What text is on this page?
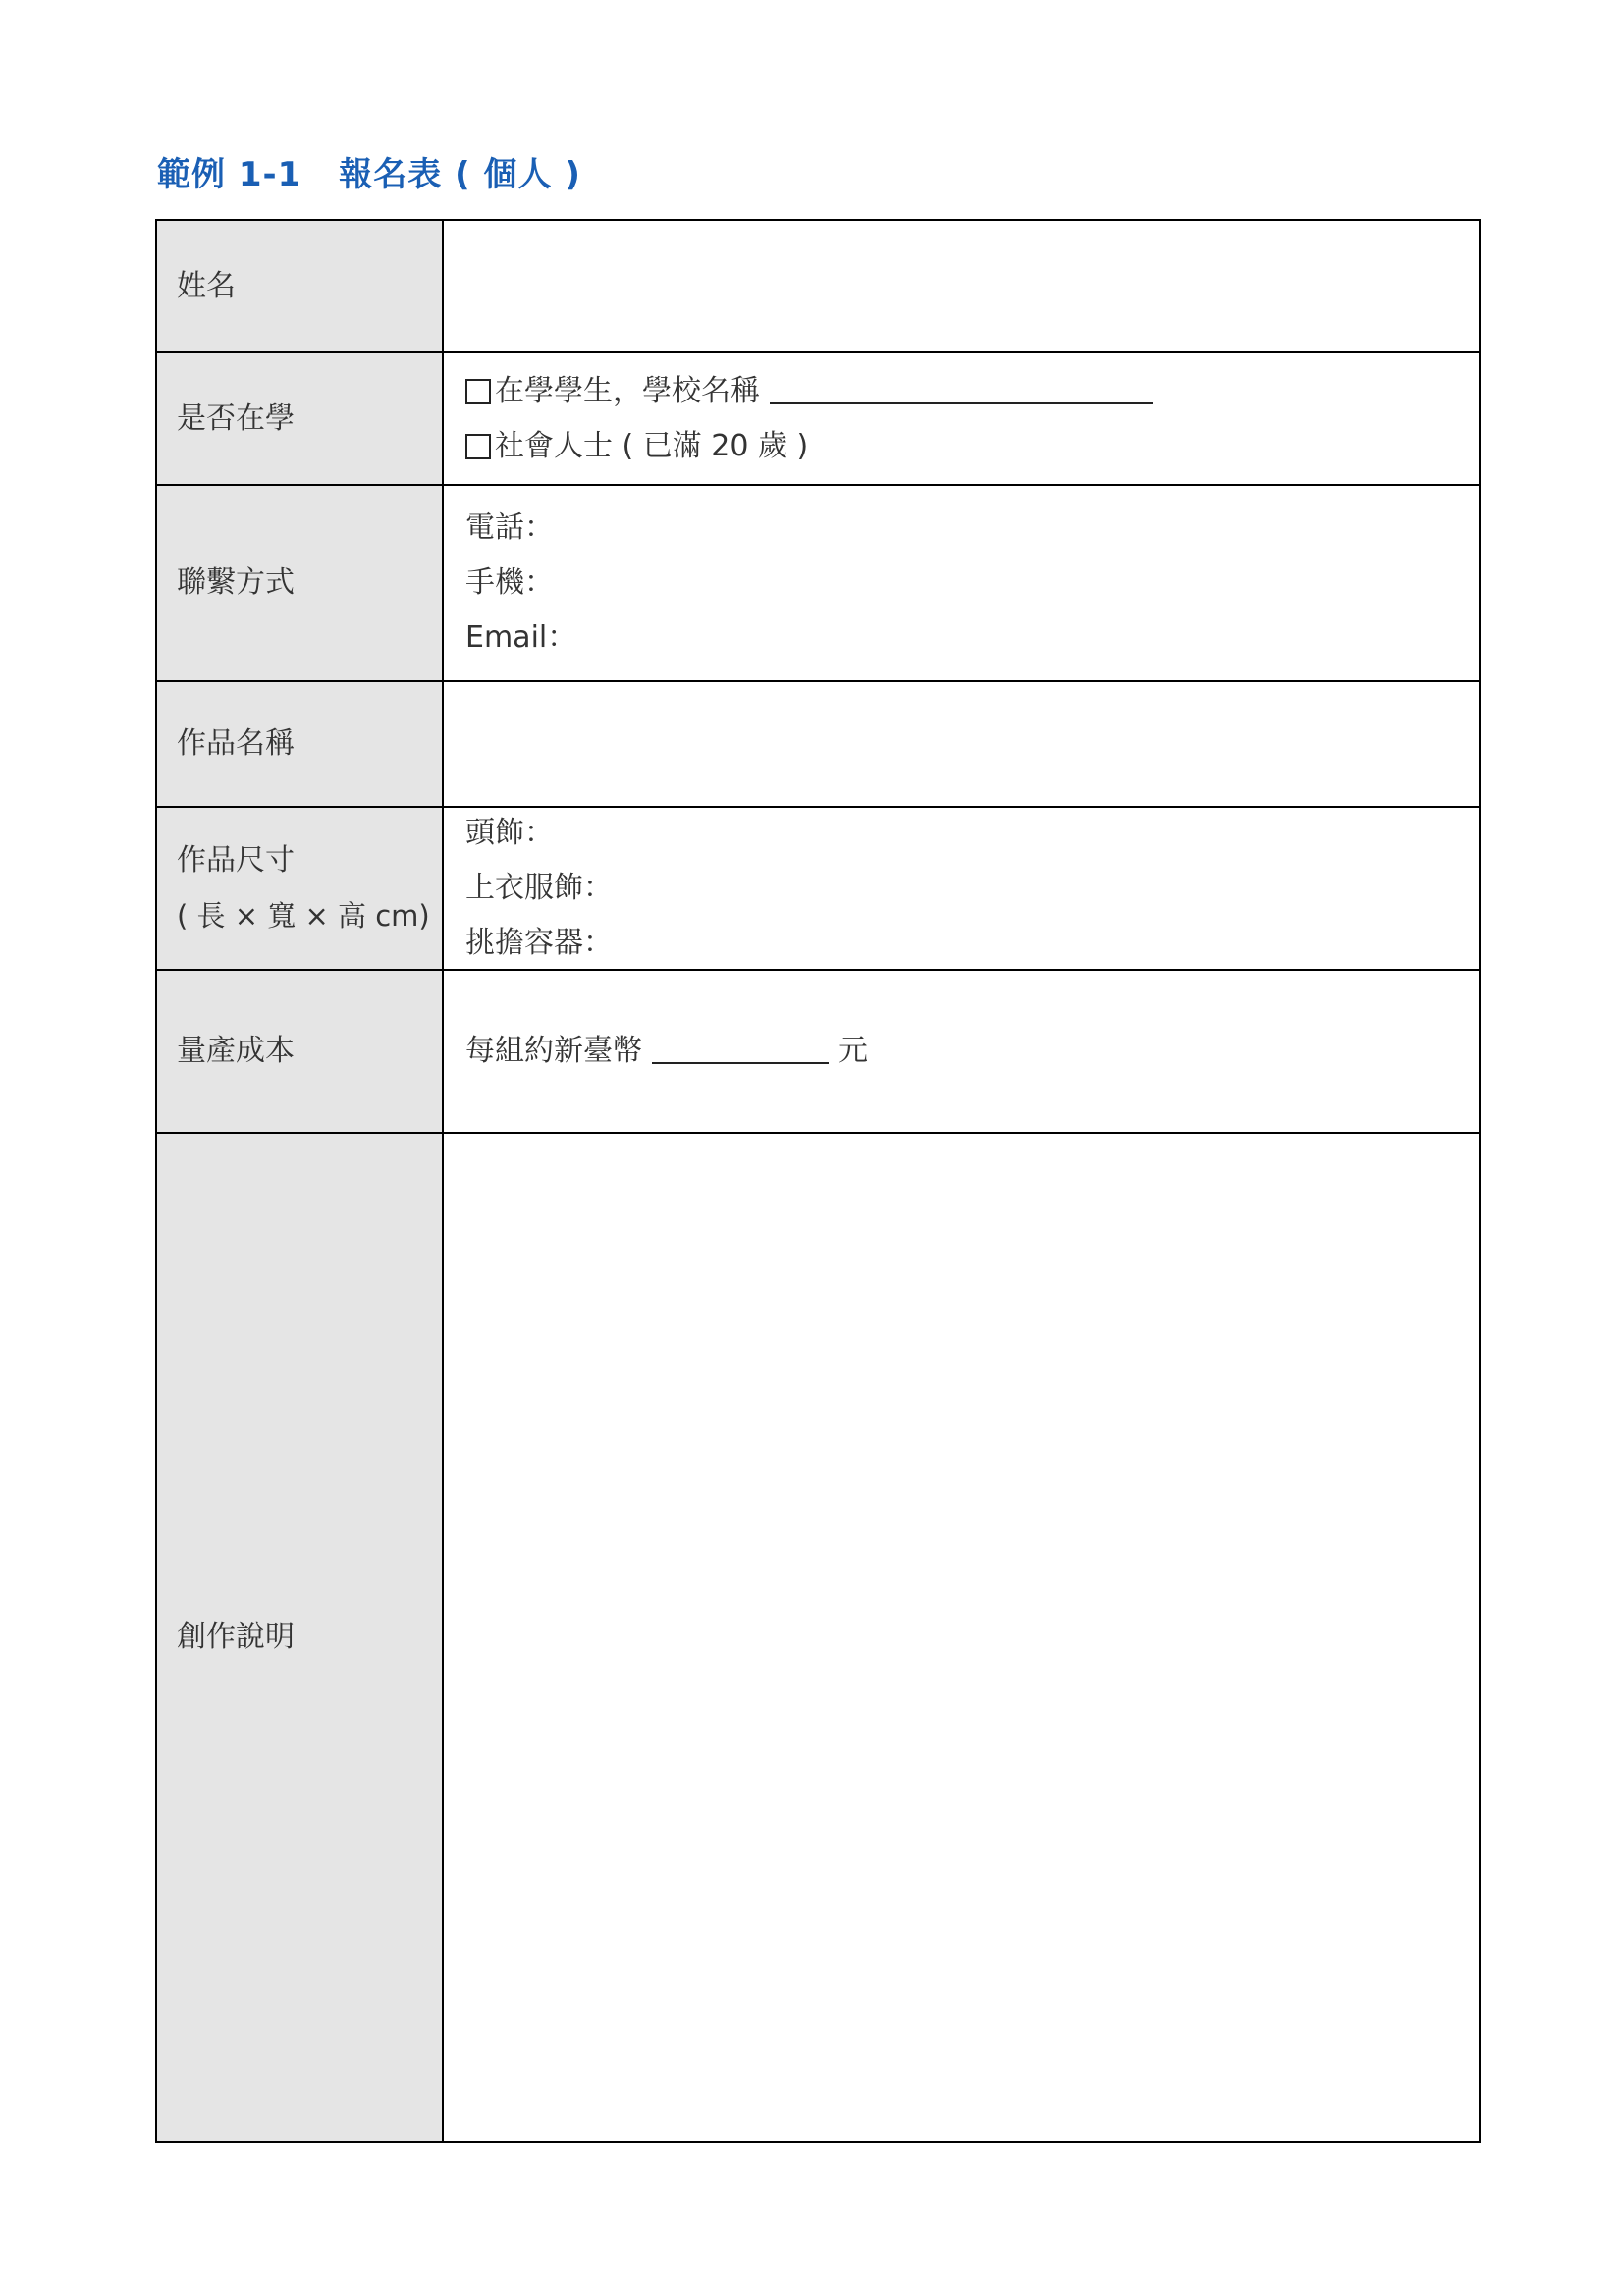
範例 1-1 報名表 ( 個人 )
姓名
是否在學
在學學生，學校名稱
社會人士 ( 已滿 20 歲 )
聯繫方式
電話：
手機：
Email：
作品名稱
作品尺寸
( 長 × 寬 × 高 cm)
頭飾：
上衣服飾：
挑擔容器：
量產成本	每組約新臺幣	元
創作說明
